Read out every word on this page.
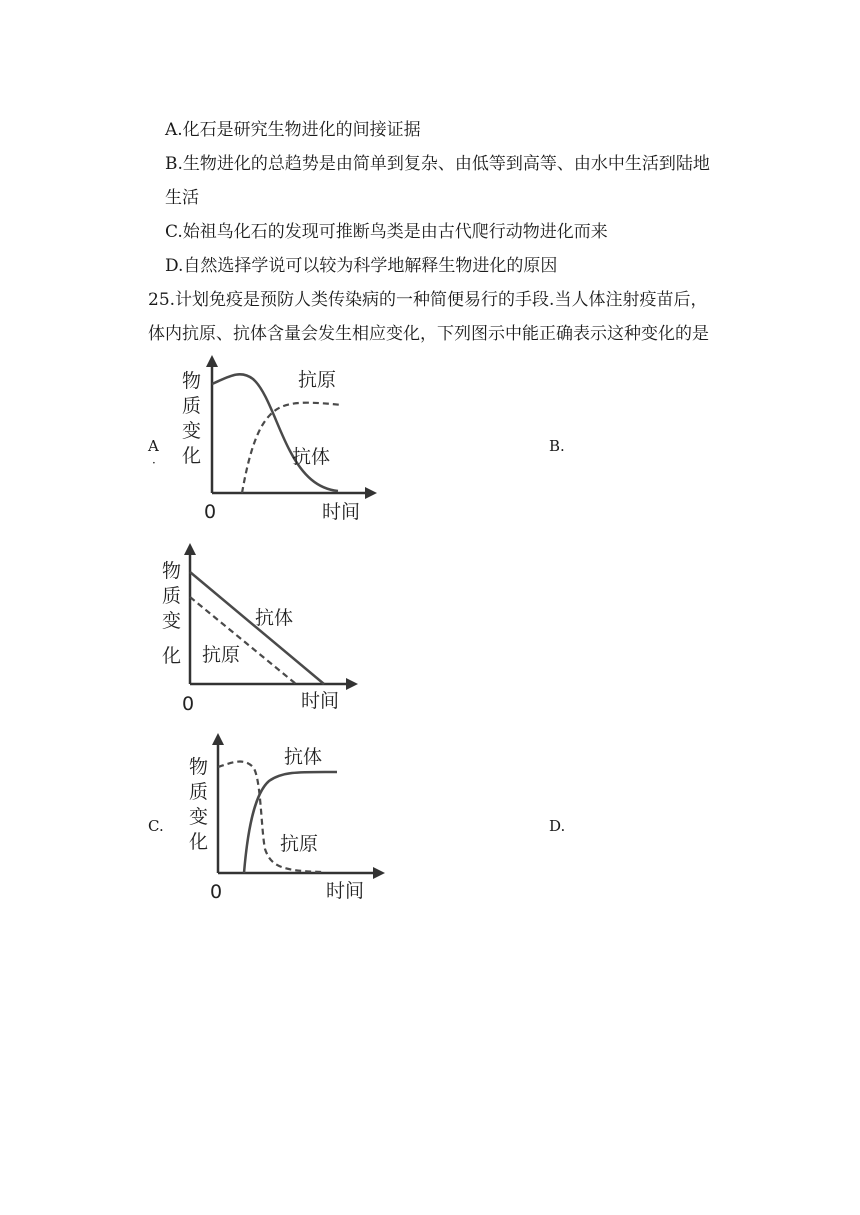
A.化石是研究生物进化的间接证据
B.生物进化的总趋势是由简单到复杂、由低等到高等、由水中生活到陆地
生活
C.始祖鸟化石的发现可推断鸟类是由古代爬行动物进化而来
D.自然选择学说可以较为科学地解释生物进化的原因
25.计划免疫是预防人类传染病的一种简便易行的手段.当人体注射疫苗后，
体内抗原、抗体含量会发生相应变化，下列图示中能正确表示这种变化的是
A
·
B.
C.	D.
物
质
变
化
0	时间
抗原
抗体
物
质
变
化
0	时间
抗体
抗原
物
质
变
化
0	时间
抗体
抗原
